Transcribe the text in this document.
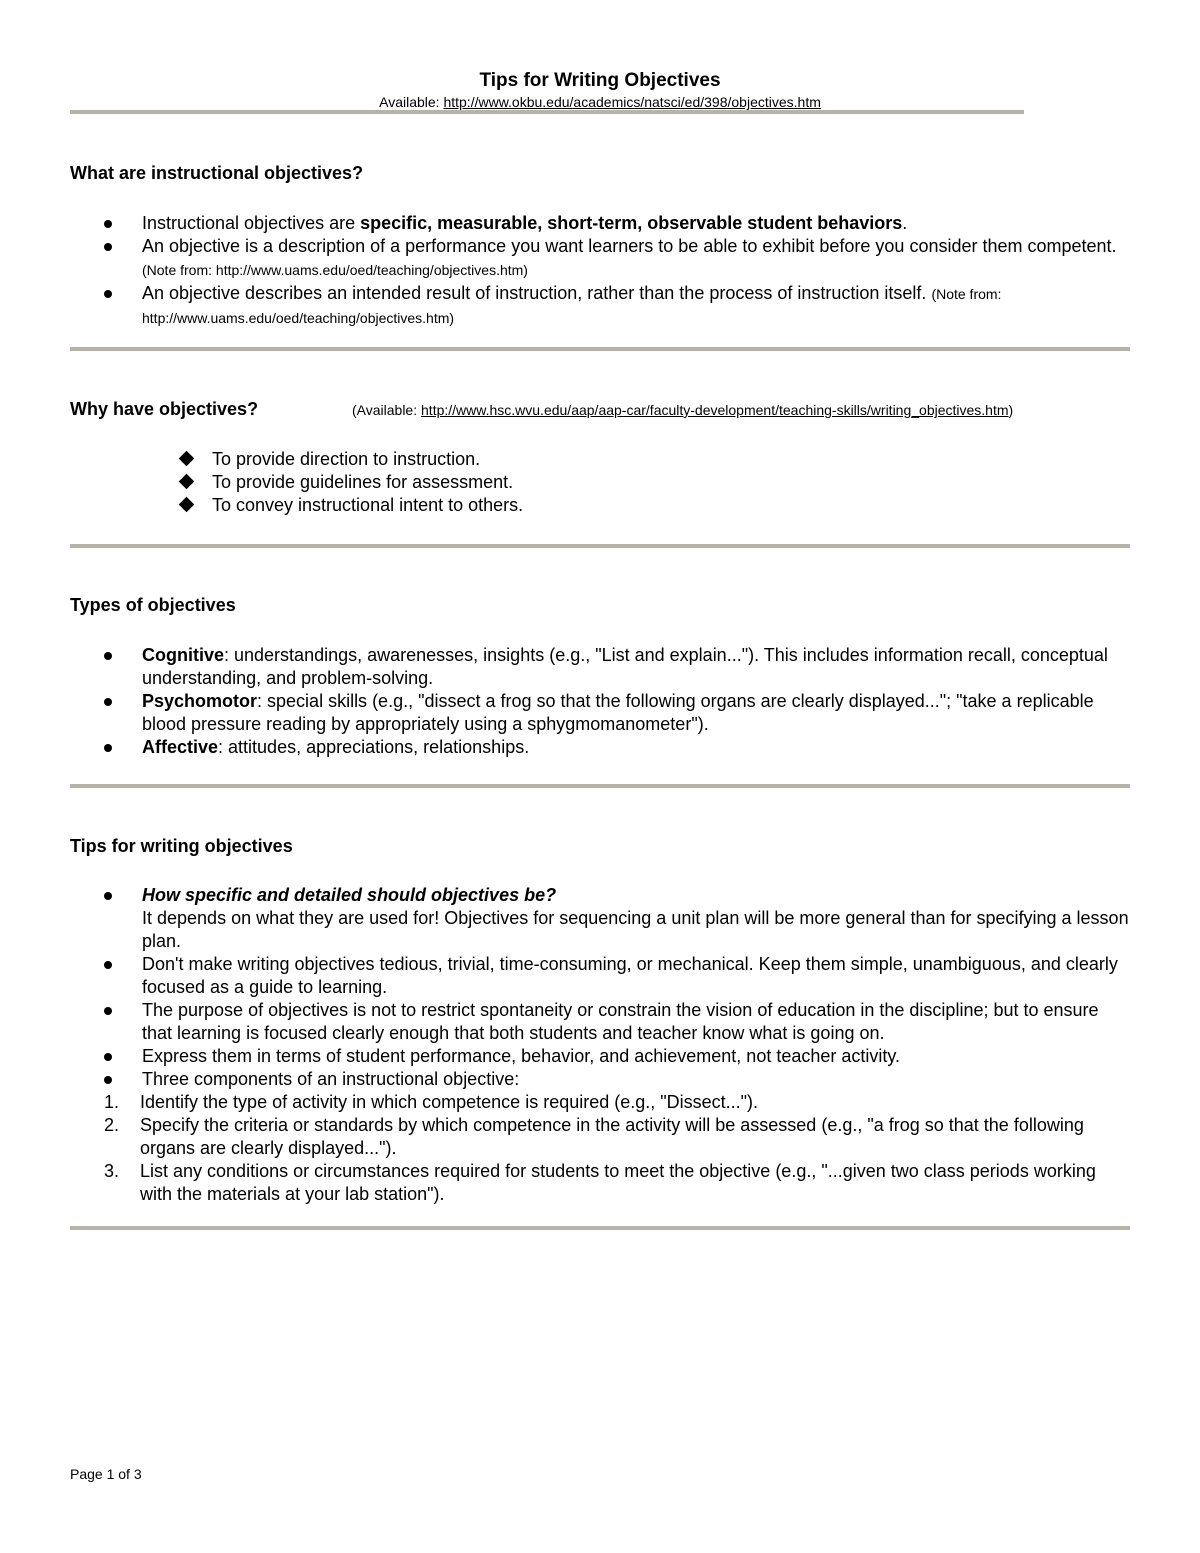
Tips for Writing Objectives
Available: http://www.okbu.edu/academics/natsci/ed/398/objectives.htm
What are instructional objectives?
Instructional objectives are specific, measurable, short-term, observable student behaviors.
An objective is a description of a performance you want learners to be able to exhibit before you consider them competent. (Note from: http://www.uams.edu/oed/teaching/objectives.htm)
An objective describes an intended result of instruction, rather than the process of instruction itself. (Note from: http://www.uams.edu/oed/teaching/objectives.htm)
Why have objectives?	(Available: http://www.hsc.wvu.edu/aap/aap-car/faculty-development/teaching-skills/writing_objectives.htm)
To provide direction to instruction.
To provide guidelines for assessment.
To convey instructional intent to others.
Types of objectives
Cognitive: understandings, awarenesses, insights (e.g., "List and explain..."). This includes information recall, conceptual understanding, and problem-solving.
Psychomotor: special skills (e.g., "dissect a frog so that the following organs are clearly displayed..."; "take a replicable blood pressure reading by appropriately using a sphygmomanometer").
Affective: attitudes, appreciations, relationships.
Tips for writing objectives
How specific and detailed should objectives be?
It depends on what they are used for! Objectives for sequencing a unit plan will be more general than for specifying a lesson plan.
Don't make writing objectives tedious, trivial, time-consuming, or mechanical. Keep them simple, unambiguous, and clearly focused as a guide to learning.
The purpose of objectives is not to restrict spontaneity or constrain the vision of education in the discipline; but to ensure that learning is focused clearly enough that both students and teacher know what is going on.
Express them in terms of student performance, behavior, and achievement, not teacher activity.
Three components of an instructional objective:
1. Identify the type of activity in which competence is required (e.g., "Dissect...").
2. Specify the criteria or standards by which competence in the activity will be assessed (e.g., "a frog so that the following organs are clearly displayed...").
3. List any conditions or circumstances required for students to meet the objective (e.g., "...given two class periods working with the materials at your lab station").
Page 1 of 3
